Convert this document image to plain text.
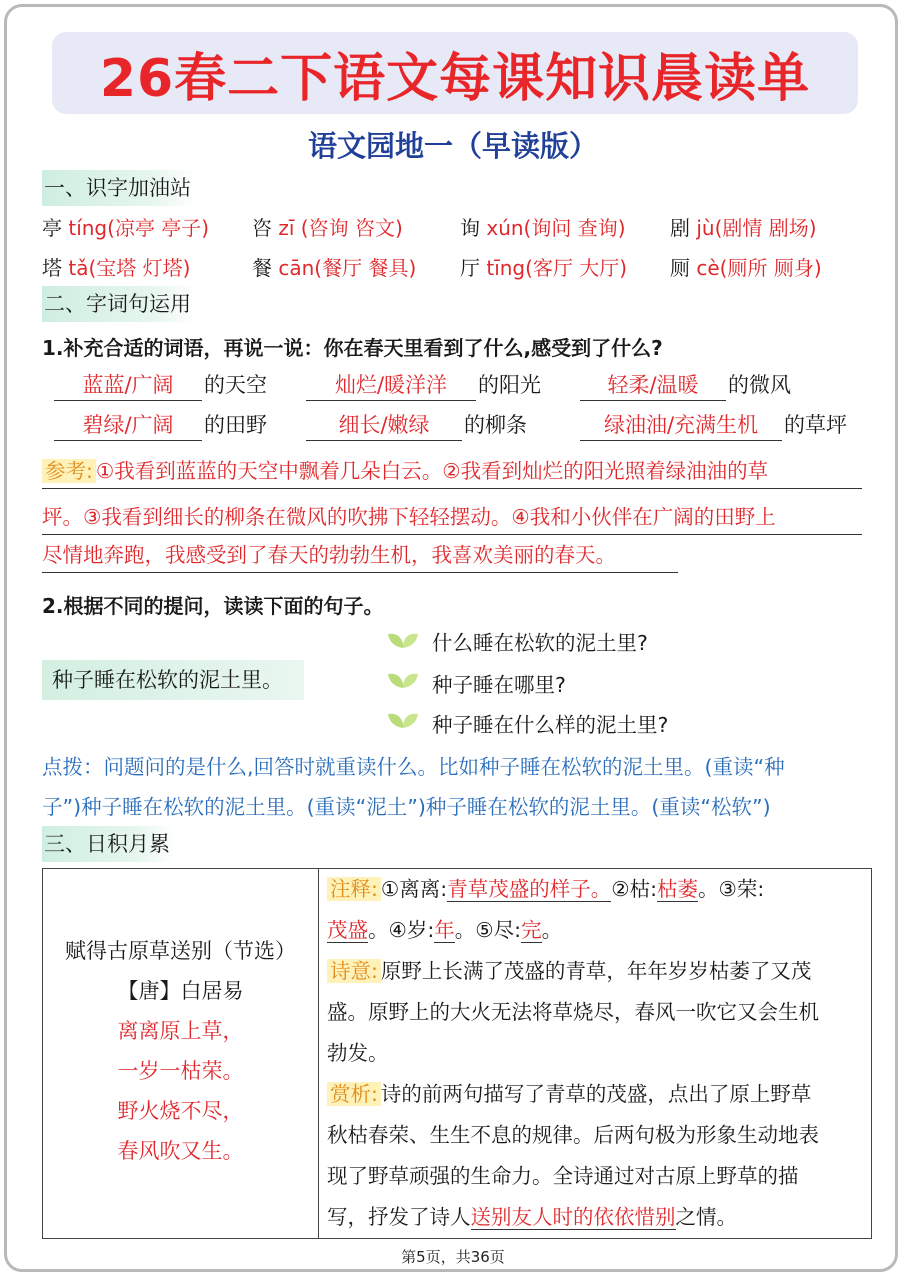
26春二下语文每课知识晨读单
语文园地一（早读版）
一、识字加油站
亭 tíng(凉亭 亭子) 咨 zī (咨询 咨文)	询 xún(询问 查询) 剧 jù(剧情 剧场)
塔 tǎ(宝塔 灯塔)	餐 cān(餐厅 餐具) 厅 tīng(客厅 大厅) 厕 cè(厕所 厕身)
二、字词句运用
1.补充合适的词语，再说一说：你在春天里看到了什么,感受到了什么?
蓝蓝/广阔	的天空	灿烂/暖洋洋	的阳光	轻柔/温暖	的微风
碧绿/广阔	的田野	细长/嫩绿	的柳条	绿油油/充满生机	的草坪
参考: ①我看到蓝蓝的天空中飘着几朵白云。②我看到灿烂的阳光照着绿油油的草
坪。③我看到细长的柳条在微风的吹拂下轻轻摆动。④我和小伙伴在广阔的田野上
尽情地奔跑，我感受到了春天的勃勃生机，我喜欢美丽的春天。
2.根据不同的提问，读读下面的句子。
种子睡在松软的泥土里。
什么睡在松软的泥土里?
种子睡在哪里?
种子睡在什么样的泥土里?
点拨：问题问的是什么,回答时就重读什么。比如种子睡在松软的泥土里。(重读“种
子”)种子睡在松软的泥土里。(重读“泥土”)种子睡在松软的泥土里。(重读“松软”)
三、日积月累
赋得古原草送别（节选）
【唐】白居易
离离原上草，
一岁一枯荣。
野火烧不尽，
春风吹又生。

注释: ①离离:青草茂盛的样子。②枯:枯萎。③荣:
茂盛。④岁:年。⑤尽:完。
诗意: 原野上长满了茂盛的青草，年年岁岁枯萎了又茂
盛。原野上的大火无法将草烧尽，春风一吹它又会生机
勃发。
赏析: 诗的前两句描写了青草的茂盛，点出了原上野草
秋枯春荣、生生不息的规律。后两句极为形象生动地表
现了野草顽强的生命力。全诗通过对古原上野草的描
写，抒发了诗人送别友人时的依依惜别之情。
第5页，共36页
